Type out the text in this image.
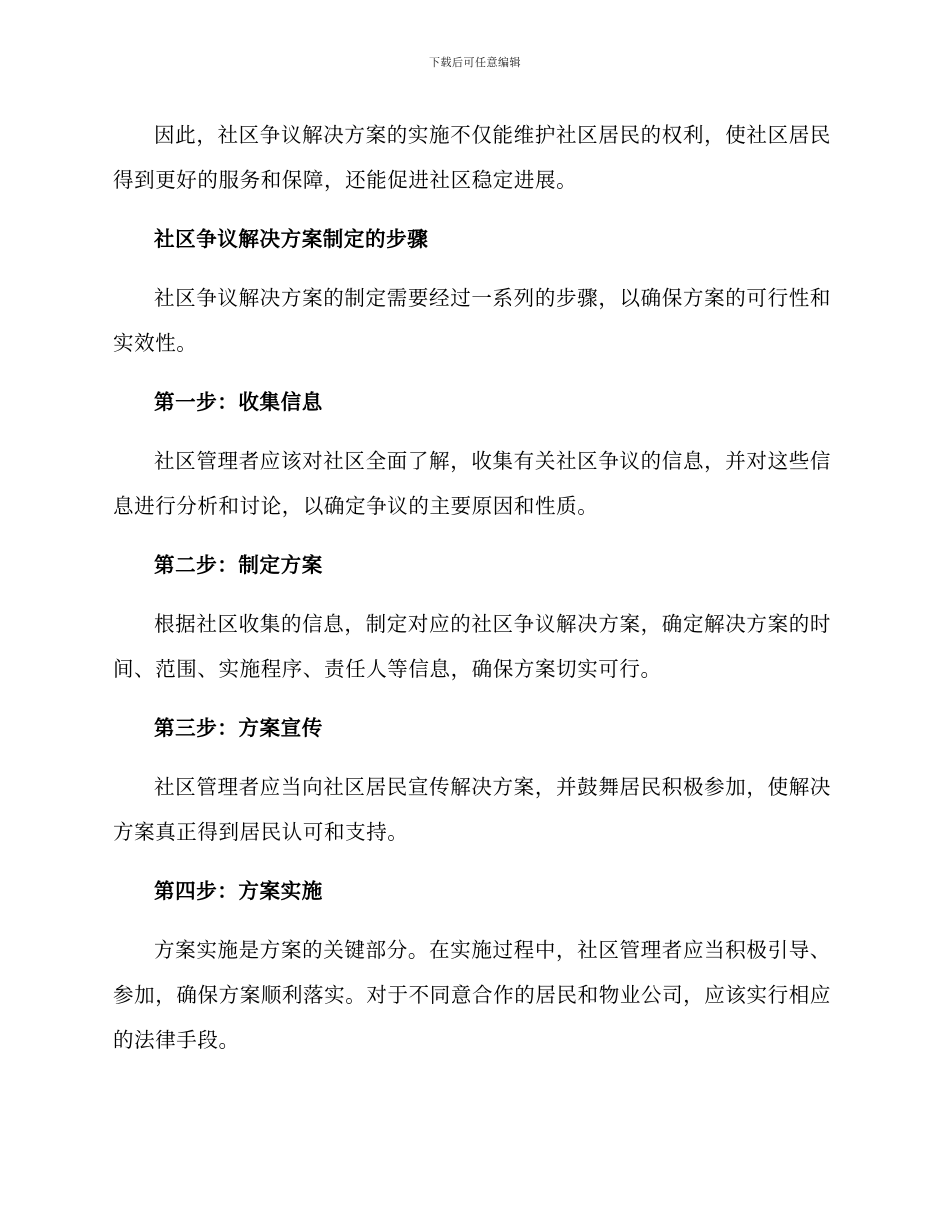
下载后可任意编辑

因此，社区争议解决方案的实施不仅能维护社区居民的权利，使社区居民得到更好的服务和保障，还能促进社区稳定进展。

社区争议解决方案制定的步骤

社区争议解决方案的制定需要经过一系列的步骤，以确保方案的可行性和实效性。

第一步：收集信息

社区管理者应该对社区全面了解，收集有关社区争议的信息，并对这些信息进行分析和讨论，以确定争议的主要原因和性质。

第二步：制定方案

根据社区收集的信息，制定对应的社区争议解决方案，确定解决方案的时间、范围、实施程序、责任人等信息，确保方案切实可行。

第三步：方案宣传

社区管理者应当向社区居民宣传解决方案，并鼓舞居民积极参加，使解决方案真正得到居民认可和支持。

第四步：方案实施

方案实施是方案的关键部分。在实施过程中，社区管理者应当积极引导、参加，确保方案顺利落实。对于不同意合作的居民和物业公司，应该实行相应的法律手段。
